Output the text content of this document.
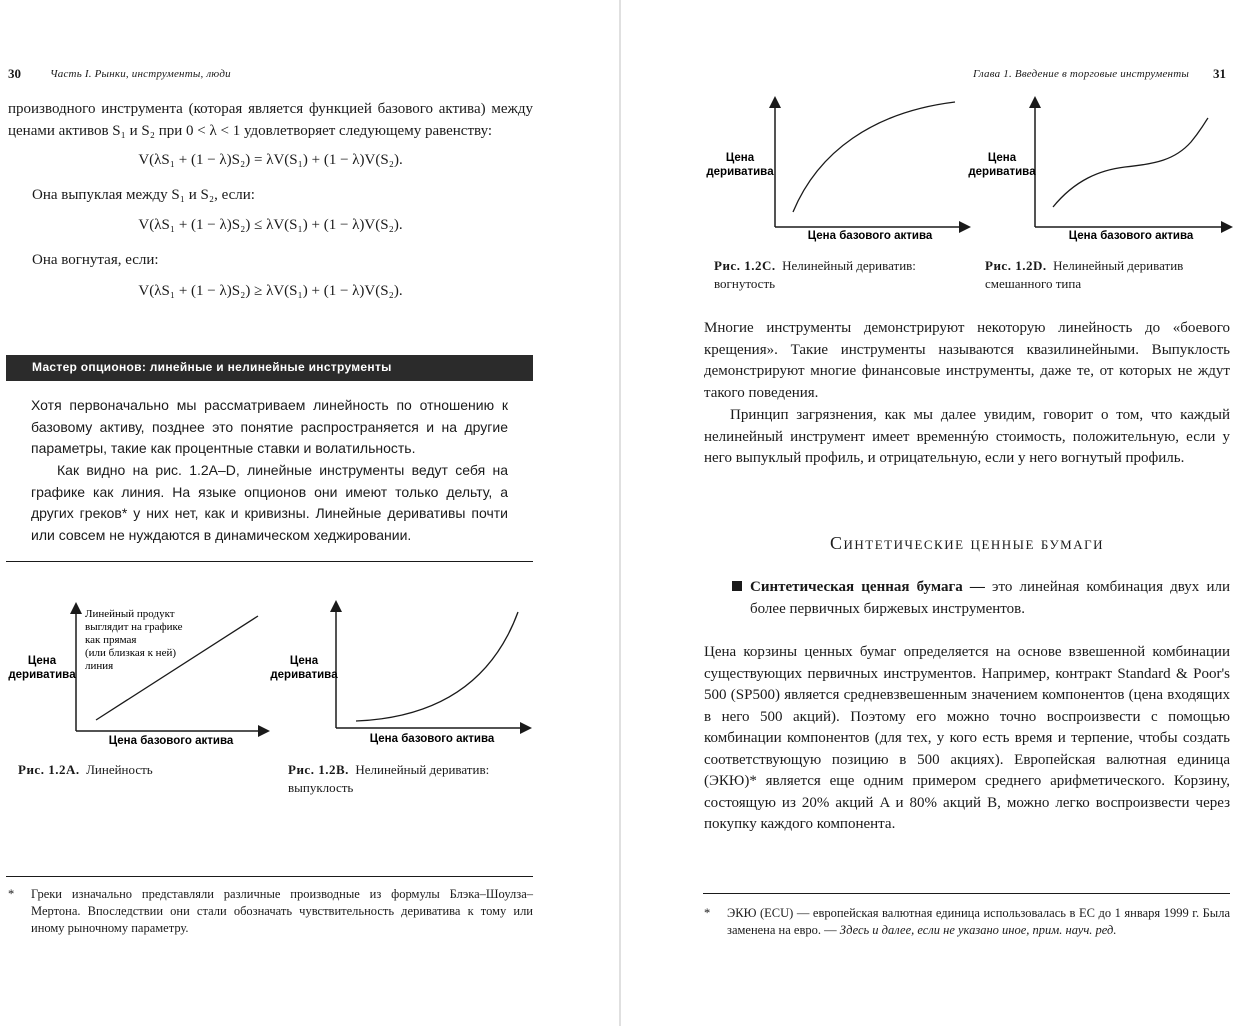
30	Часть I. Рынки, инструменты, люди
производного инструмента (которая является функцией базового актива) между ценами активов S₁ и S₂ при 0 < λ < 1 удовлетворяет следующему равенству:
V(λS₁ + (1 − λ)S₂) = λV(S₁) + (1 − λ)V(S₂).
Она выпуклая между S₁ и S₂, если:
V(λS₁ + (1 − λ)S₂) ≤ λV(S₁) + (1 − λ)V(S₂).
Она вогнутая, если:
V(λS₁ + (1 − λ)S₂) ≥ λV(S₁) + (1 − λ)V(S₂).
Мастер опционов: линейные и нелинейные инструменты
Хотя первоначально мы рассматриваем линейность по отношению к базовому активу, позднее это понятие распространяется и на другие параметры, такие как процентные ставки и волатильность.
Как видно на рис. 1.2A–D, линейные инструменты ведут себя на графике как линия. На языке опционов они имеют только дельту, а других греков* у них нет, как и кривизны. Линейные деривативы почти или совсем не нуждаются в динамическом хеджировании.
Цена
деривативa
Цена базового актива
Линейный продукт
выглядит на графике
как прямая
(или близкая к ней)
линия
Рис. 1.2A. Линейность
Цена
деривативa
Цена базового актива
Рис. 1.2B. Нелинейный дериватив:
выпуклость
* Греки изначально представляли различные производные из формулы Блэка–Шоулза–Мертона. Впоследствии они стали обозначать чувствительность дериватива к тому или иному рыночному параметру.
Глава 1. Введение в торговые инструменты 31
Цена
деривативa
Цена базового актива
Рис. 1.2C. Нелинейный дериватив:
вогнутость
Цена
деривативa
Цена базового актива
Рис. 1.2D. Нелинейный дериватив
смешанного типа
Многие инструменты демонстрируют некоторую линейность до «боевого крещения». Такие инструменты называются квазилинейными. Выпуклость демонстрируют многие финансовые инструменты, даже те, от которых не ждут такого поведения.
Принцип загрязнения, как мы далее увидим, говорит о том, что каждый нелинейный инструмент имеет временнýю стоимость, положительную, если у него выпуклый профиль, и отрицательную, если у него вогнутый профиль.
Синтетические ценные бумаги
Синтетическая ценная бумага — это линейная комбинация двух или более первичных биржевых инструментов.
Цена корзины ценных бумаг определяется на основе взвешенной комбинации существующих первичных инструментов. Например, контракт Standard & Poor's 500 (SP500) является средневзвешенным значением компонентов (цена входящих в него 500 акций). Поэтому его можно точно воспроизвести с помощью комбинации компонентов (для тех, у кого есть время и терпение, чтобы создать соответствующую позицию в 500 акциях). Европейская валютная единица (ЭКЮ)* является еще одним примером среднего арифметического. Корзину, состоящую из 20% акций A и 80% акций B, можно легко воспроизвести через покупку каждого компонента.
* ЭКЮ (ECU) — европейская валютная единица использовалась в ЕС до 1 января 1999 г. Была заменена на евро. — Здесь и далее, если не указано иное, прим. науч. ред.
